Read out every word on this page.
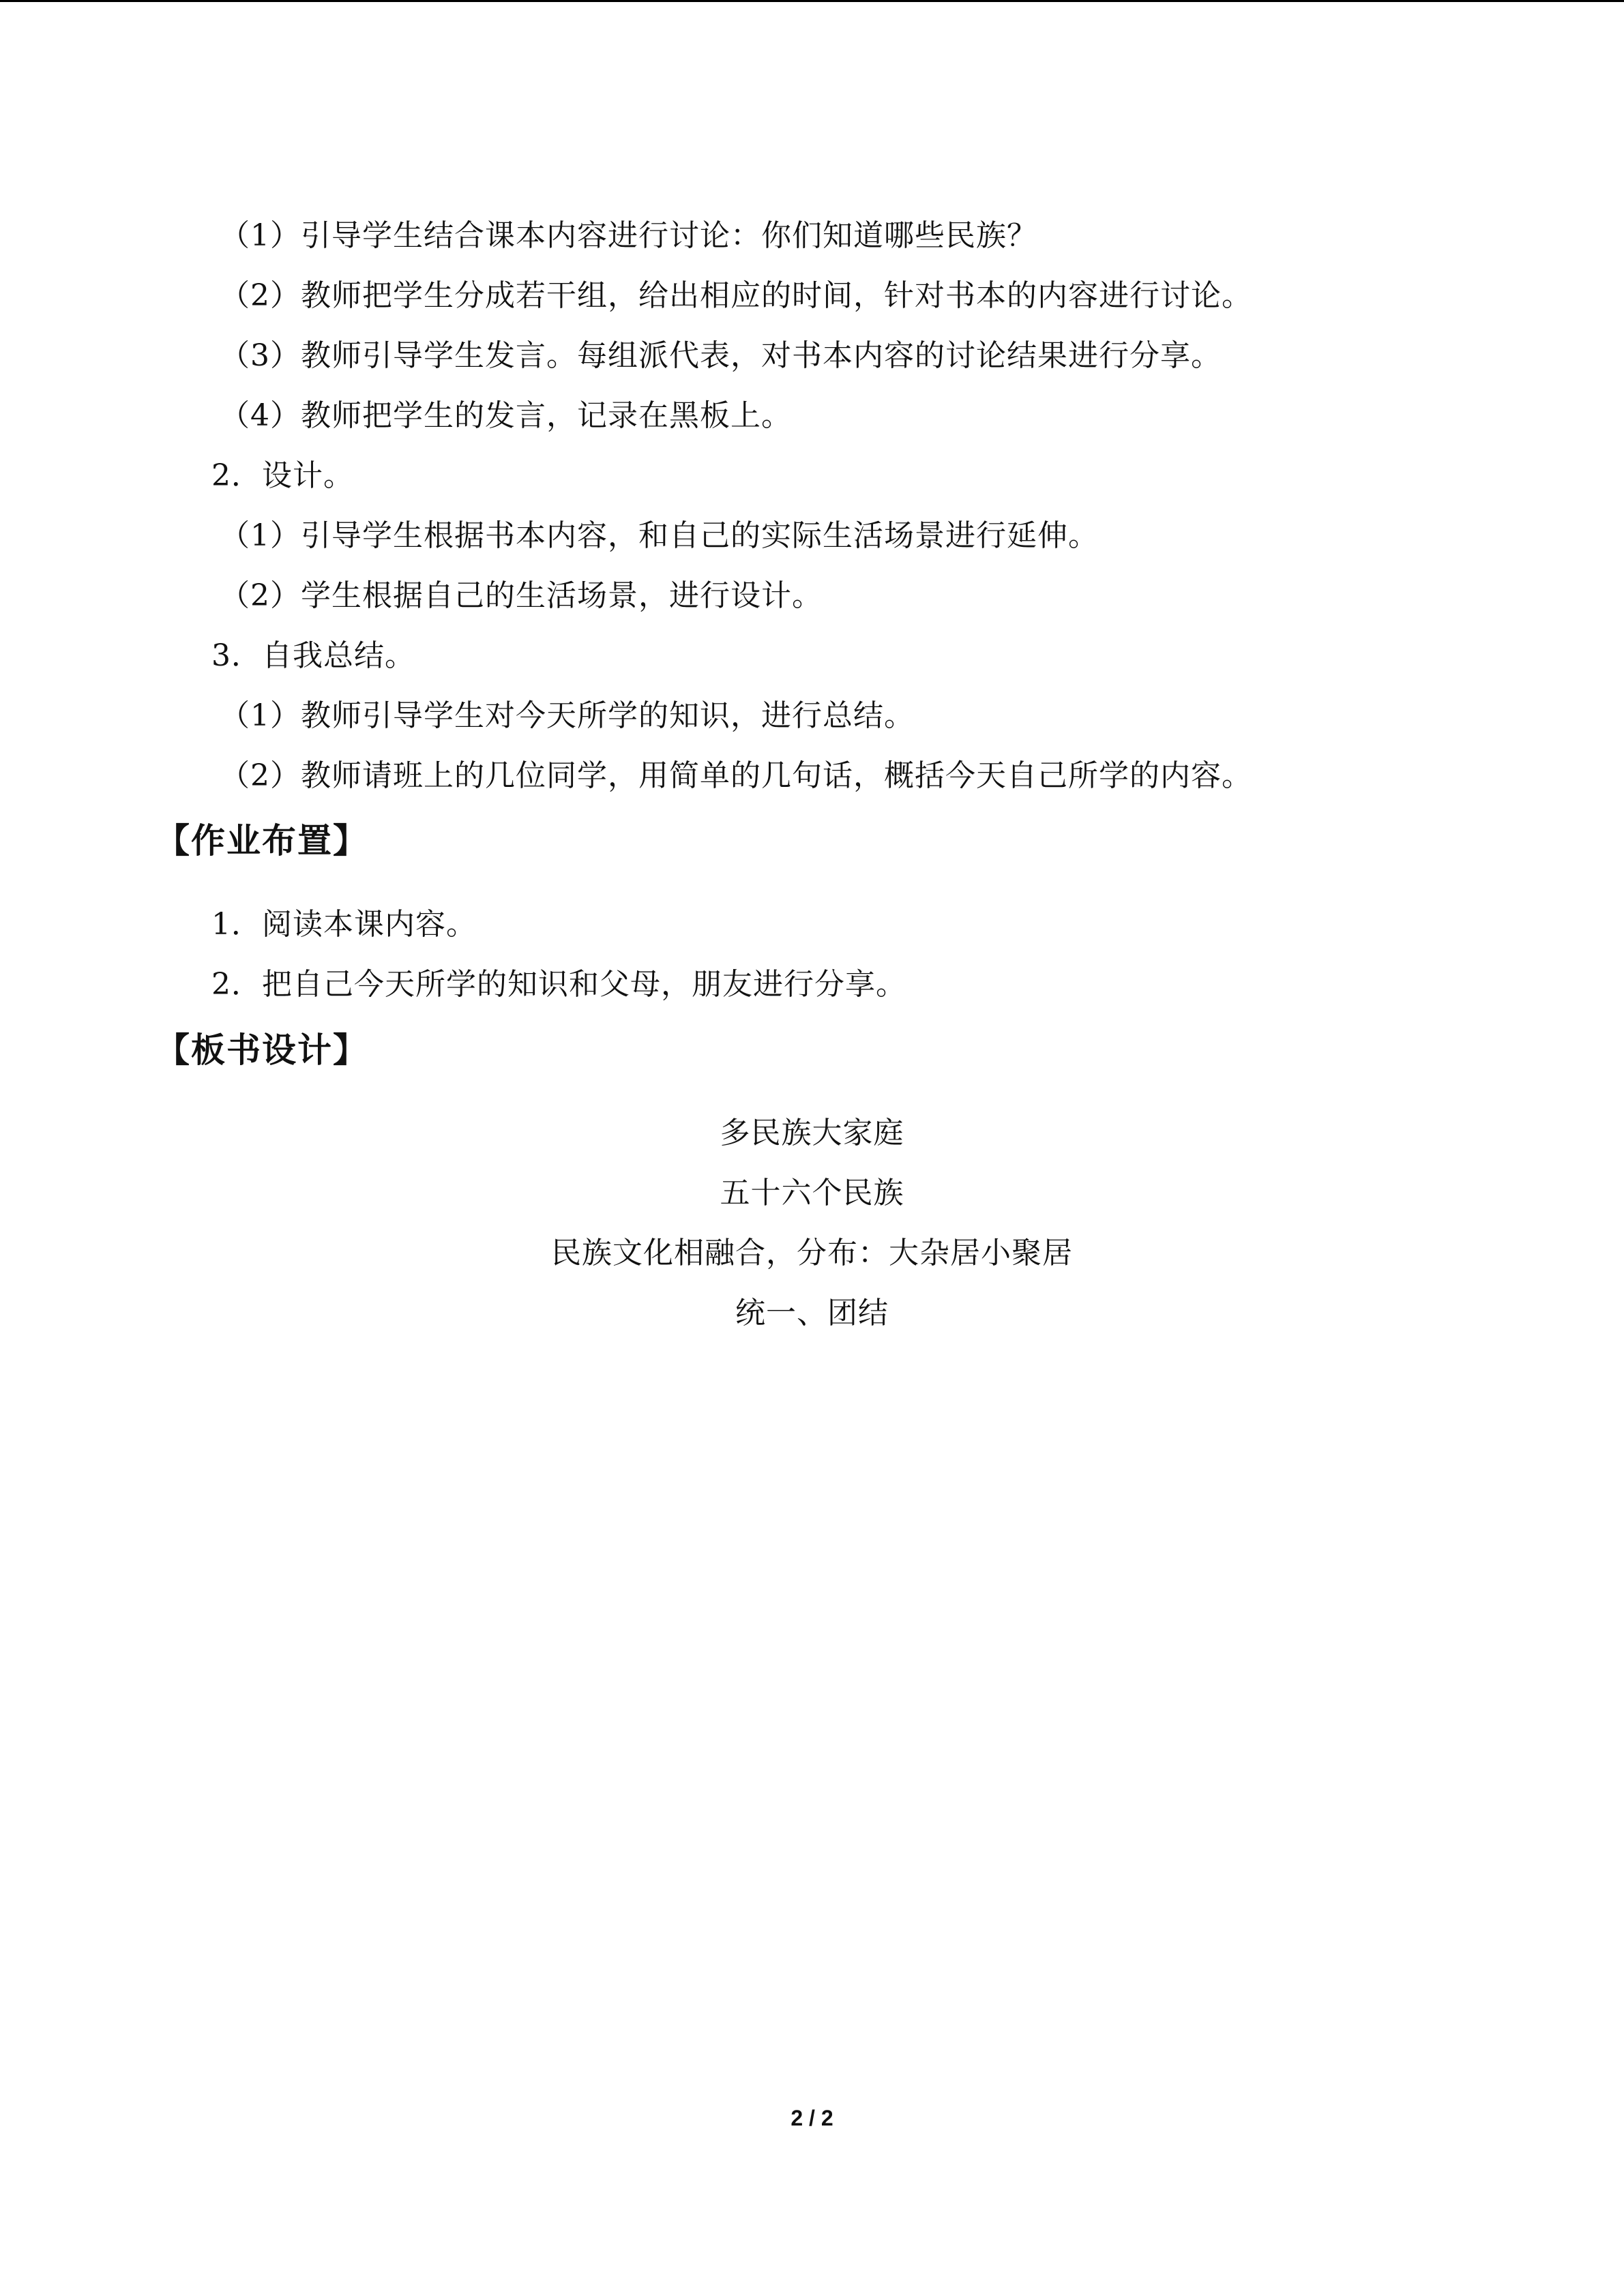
（1）引导学生结合课本内容进行讨论：你们知道哪些民族？
（2）教师把学生分成若干组，给出相应的时间，针对书本的内容进行讨论。
（3）教师引导学生发言。每组派代表，对书本内容的讨论结果进行分享。
（4）教师把学生的发言，记录在黑板上。
2．设计。
（1）引导学生根据书本内容，和自己的实际生活场景进行延伸。
（2）学生根据自己的生活场景，进行设计。
3．自我总结。
（1）教师引导学生对今天所学的知识，进行总结。
（2）教师请班上的几位同学，用简单的几句话，概括今天自己所学的内容。
【作业布置】
1．阅读本课内容。
2．把自己今天所学的知识和父母，朋友进行分享。
【板书设计】
多民族大家庭
五十六个民族
民族文化相融合，分布：大杂居小聚居
统一、团结
2 / 2
